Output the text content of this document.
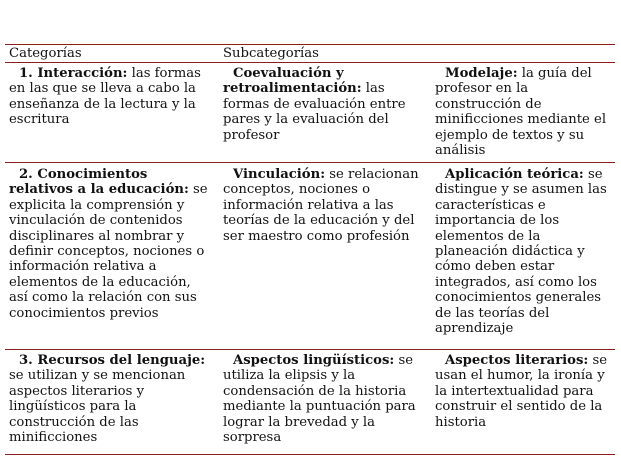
Categorías	Subcategorías
1. Interacción: las formas en las que se lleva a cabo la enseñanza de la lectura y la escritura
Coevaluación y retroalimentación: las formas de evaluación entre pares y la evaluación del profesor
Modelaje: la guía del profesor en la construcción de minificciones mediante el ejemplo de textos y su análisis
2. Conocimientos relativos a la educación: se explicita la comprensión y vinculación de contenidos disciplinares al nombrar y definir conceptos, nociones o información relativa a elementos de la educación, así como la relación con sus conocimientos previos
Vinculación: se relacionan conceptos, nociones o información relativa a las teorías de la educación y del ser maestro como profesión
Aplicación teórica: se distingue y se asumen las características e importancia de los elementos de la planeación didáctica y cómo deben estar integrados, así como los conocimientos generales de las teorías del aprendizaje
3. Recursos del lenguaje: se utilizan y se mencionan aspectos literarios y lingüísticos para la construcción de las minificciones
Aspectos lingüísticos: se utiliza la elipsis y la condensación de la historia mediante la puntuación para lograr la brevedad y la sorpresa
Aspectos literarios: se usan el humor, la ironía y la intertextualidad para construir el sentido de la historia
